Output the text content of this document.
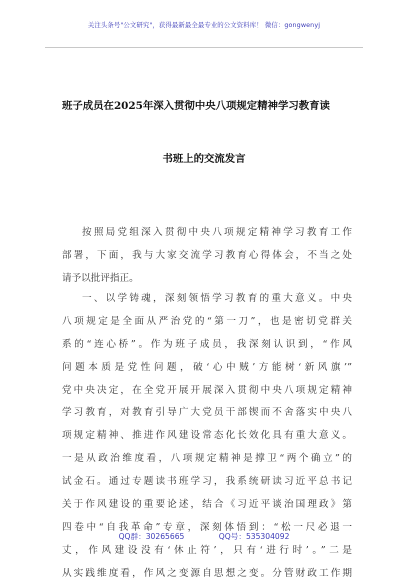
关注头条号"公文研究"，获得最新最全最专业的公文资料库！ 微信：gongwenyj
班子成员在2025年深入贯彻中央八项规定精神学习教育读
书班上的交流发言
按照局党组深入贯彻中央八项规定精神学习教育工作
部署，下面，我与大家交流学习教育心得体会，不当之处
请予以批评指正。
一、以学铸魂，深刻领悟学习教育的重大意义。中央
八项规定是全面从严治党的“第一刀”，也是密切党群关
系的“连心桥”。作为班子成员，我深刻认识到，“作风
问题本质是党性问题，破‘心中贼’方能树‘新风旗’”
党中央决定，在全党开展开展深入贯彻中央八项规定精神
学习教育，对教育引导广大党员干部锲而不舍落实中央八
项规定精神、推进作风建设常态化长效化具有重大意义。
一是从政治维度看，八项规定精神是撑卫“两个确立”的
试金石。通过专题读书班学习，我系统研读习近平总书记
关于作风建设的重要论述，结合《习近平谈治国理政》第
四卷中“自我革命”专章，深刻体悟到：“松一尺必退一
丈，作风建设没有‘休止符’，只有‘进行时’。”二是
从实践维度看，作风之变源自思想之变。分管财政工作期
QQ群：30265665	QQ号：535304092
